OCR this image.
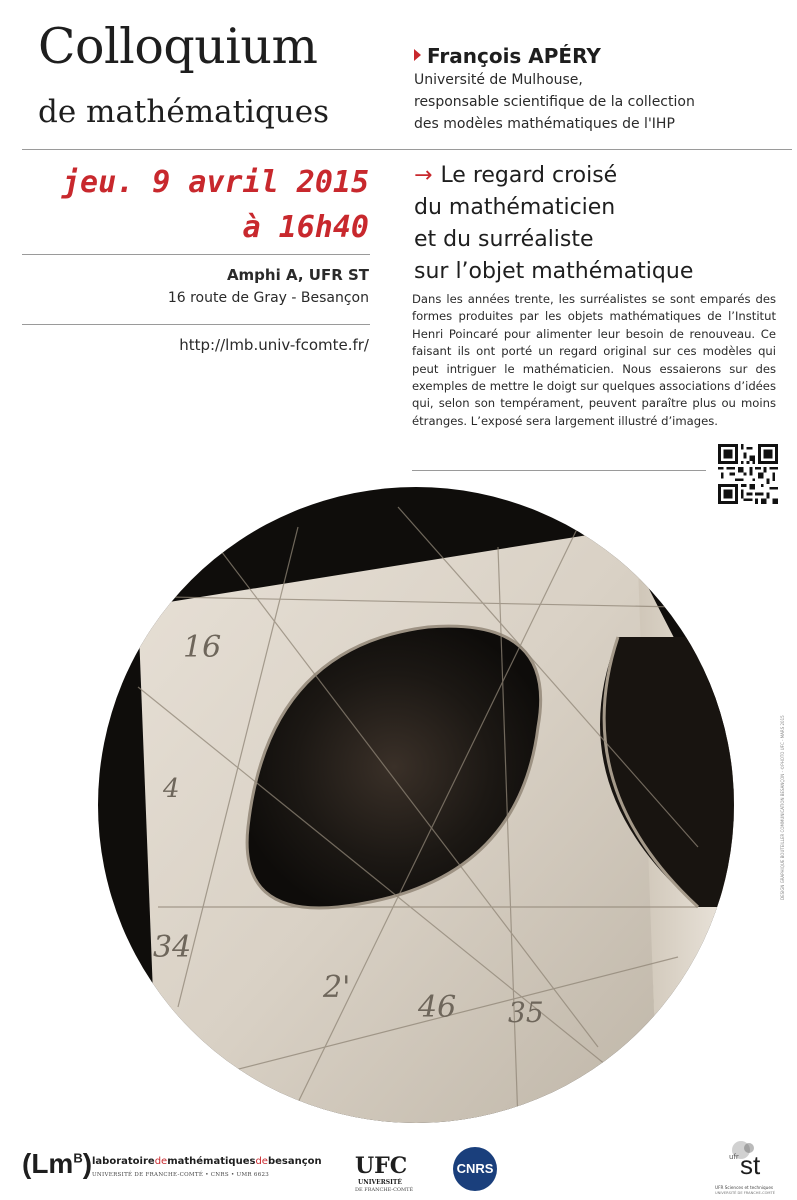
Colloquium
de mathématiques
François APÉRY
Université de Mulhouse,
responsable scientifique de la collection
des modèles mathématiques de l'IHP
jeu. 9 avril 2015
à 16h40
Amphi A, UFR ST
16 route de Gray - Besançon
http://lmb.univ-fcomte.fr/
→ Le regard croisé
du mathématicien
et du surréaliste
sur l’objet mathématique
Dans les années trente, les surréalistes se sont emparés des formes produites par les objets mathématiques de l’Institut Henri Poincaré pour alimenter leur besoin de renouveau. Ce faisant ils ont porté un regard original sur ces modèles qui peut intriguer le mathématicien. Nous essaierons sur des exemples de mettre le doigt sur quelques associations d’idées qui, selon son tempérament, peuvent paraître plus ou moins étranges. L’exposé sera largement illustré d’images.
16
4
34
2'
46 35
DESIGN GRAPHIQUE BOUTEILLER COMMUNICATION BESANÇON - ©PHOTO UFC - MARS 2015
$(Lm^B)$ laboratoiredemathématiquesdebesançon
UNIVERSITÉ DE FRANCHE-COMTÉ • CNRS • UMR 6623	UFC
UNIVERSITÉ
DE FRANCHE-COMTÉ
CNRS
ufr st
UFR Sciences et techniques
UNIVERSITÉ DE FRANCHE-COMTÉ
